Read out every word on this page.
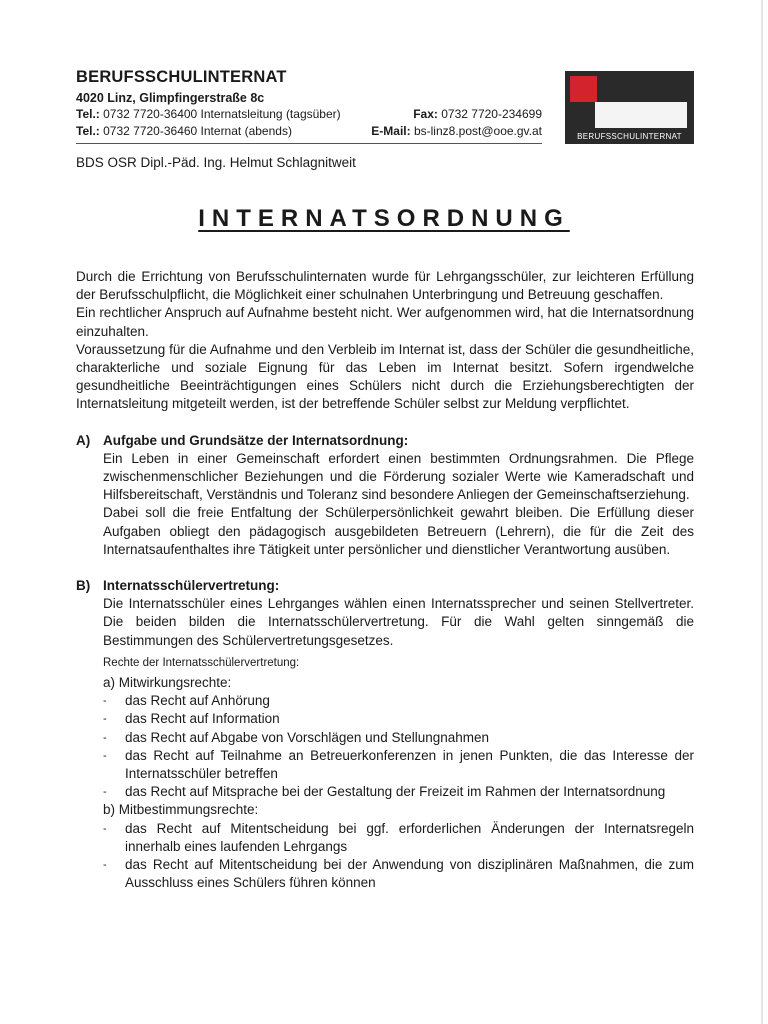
BERUFSSCHULINTERNAT
4020 Linz, Glimpfingerstraße 8c
Tel.: 0732 7720-36400 Internatsleitung (tagsüber)	Fax: 0732 7720-234699
Tel.: 0732 7720-36460 Internat (abends)	E-Mail: bs-linz8.post@ooe.gv.at	BERUFSSCHULINTERNAT
BDS OSR Dipl.-Päd. Ing. Helmut Schlagnitweit
INTERNATSORDNUNG

Durch die Errichtung von Berufsschulinternaten wurde für Lehrgangsschüler, zur leichteren Erfüllung der Berufsschulpflicht, die Möglichkeit einer schulnahen Unterbringung und Betreuung geschaffen.

Ein rechtlicher Anspruch auf Aufnahme besteht nicht. Wer aufgenommen wird, hat die Internatsordnung einzuhalten.

Voraussetzung für die Aufnahme und den Verbleib im Internat ist, dass der Schüler die gesundheitliche, charakterliche und soziale Eignung für das Leben im Internat besitzt. Sofern irgendwelche gesundheitliche Beeinträchtigungen eines Schülers nicht durch die Erziehungsberechtigten der Internatsleitung mitgeteilt werden, ist der betreffende Schüler selbst zur Meldung verpflichtet.

A) Aufgabe und Grundsätze der Internatsordnung:

Ein Leben in einer Gemeinschaft erfordert einen bestimmten Ordnungsrahmen. Die Pflege zwischenmenschlicher Beziehungen und die Förderung sozialer Werte wie Kameradschaft und Hilfsbereitschaft, Verständnis und Toleranz sind besondere Anliegen der Gemeinschaftserziehung.

Dabei soll die freie Entfaltung der Schülerpersönlichkeit gewahrt bleiben. Die Erfüllung dieser Aufgaben obliegt den pädagogisch ausgebildeten Betreuern (Lehrern), die für die Zeit des Internatsaufenthaltes ihre Tätigkeit unter persönlicher und dienstlicher Verantwortung ausüben.

B) Internatsschülervertretung:

Die Internatsschüler eines Lehrganges wählen einen Internatssprecher und seinen Stellvertreter. Die beiden bilden die Internatsschülervertretung. Für die Wahl gelten sinngemäß die Bestimmungen des Schülervertretungsgesetzes.

Rechte der Internatsschülervertretung:
a) Mitwirkungsrechte:
- das Recht auf Anhörung
- das Recht auf Information
- das Recht auf Abgabe von Vorschlägen und Stellungnahmen
- das Recht auf Teilnahme an Betreuerkonferenzen in jenen Punkten, die das Interesse der Internatsschüler betreffen
- das Recht auf Mitsprache bei der Gestaltung der Freizeit im Rahmen der Internatsordnung
b) Mitbestimmungsrechte:
- das Recht auf Mitentscheidung bei ggf. erforderlichen Änderungen der Internatsregeln innerhalb eines laufenden Lehrgangs
- das Recht auf Mitentscheidung bei der Anwendung von disziplinären Maßnahmen, die zum Ausschluss eines Schülers führen können
